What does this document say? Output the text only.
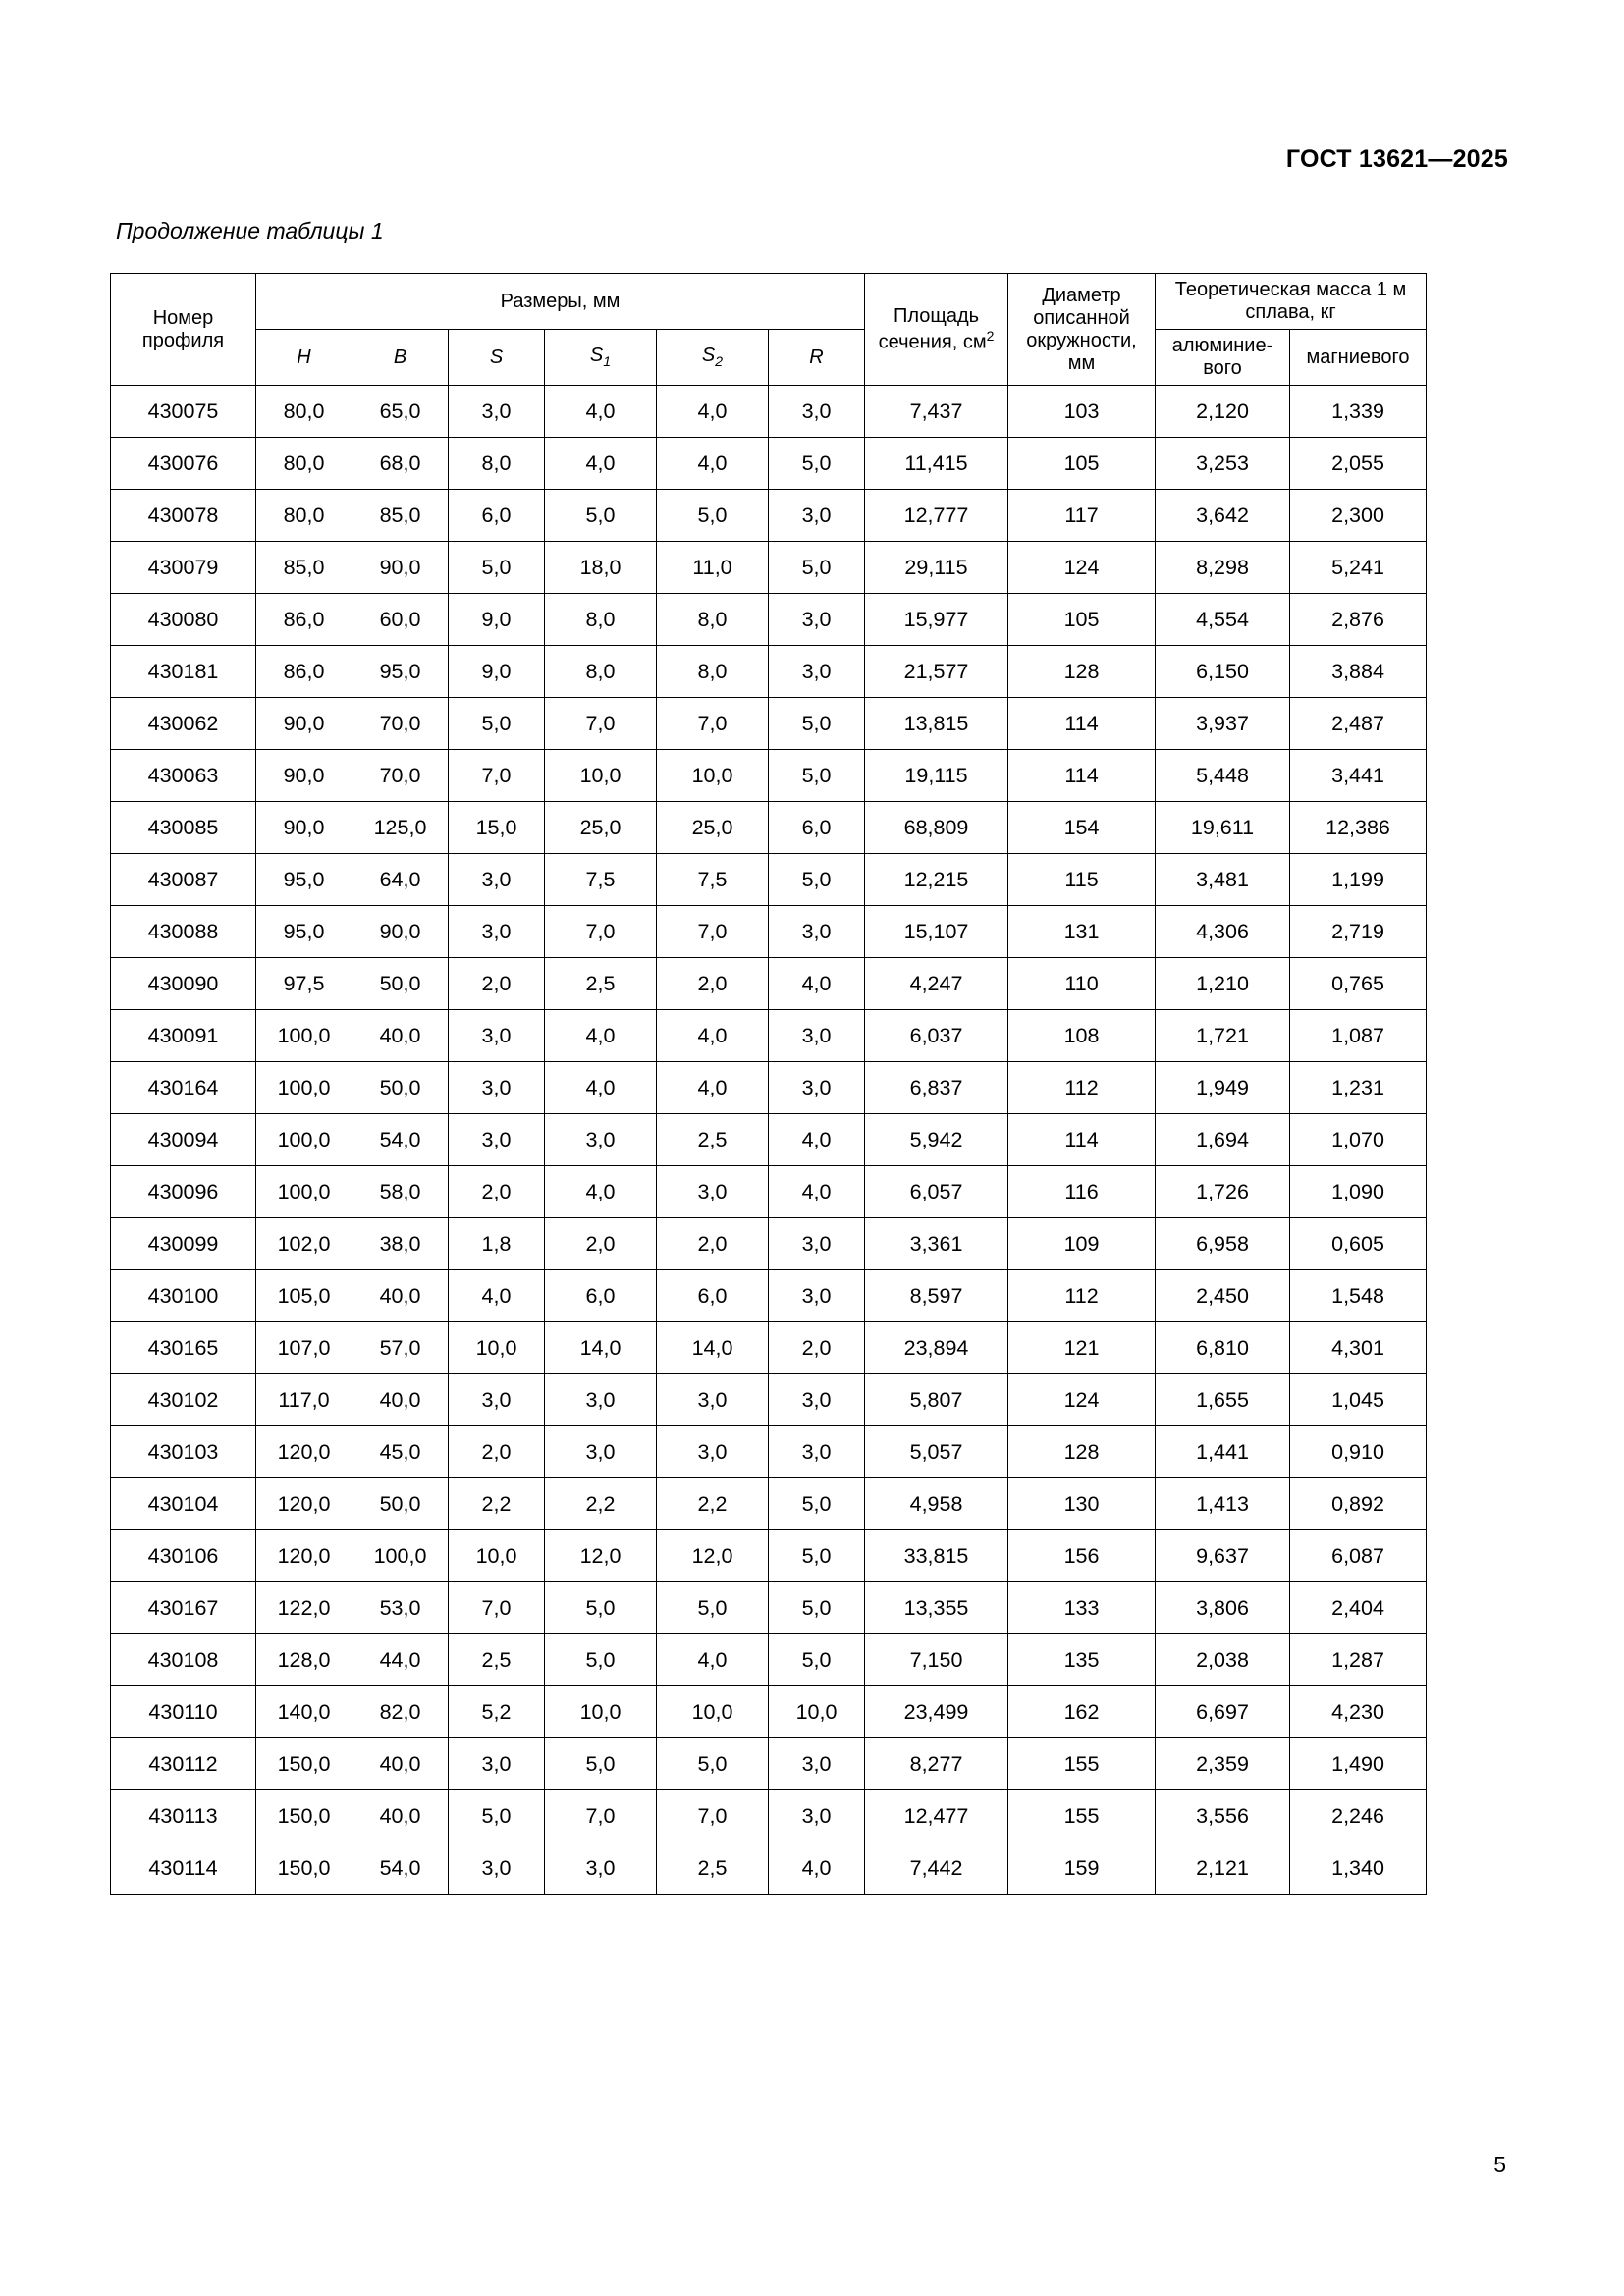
ГОСТ 13621—2025
Продолжение таблицы 1
Номер профиля	Размеры, мм						Площадь сечения, $см^2$	Диаметр описанной окружности, мм	Теоретическая масса 1 м сплава, кг	
	H	B	S	$S_1$	$S_2$	R			алюминие- вого	магниевого
430075	80,0	65,0	3,0	4,0	4,0	3,0	7,437	103	2,120	1,339
430076	80,0	68,0	8,0	4,0	4,0	5,0	11,415	105	3,253	2,055
430078	80,0	85,0	6,0	5,0	5,0	3,0	12,777	117	3,642	2,300
430079	85,0	90,0	5,0	18,0	11,0	5,0	29,115	124	8,298	5,241
430080	86,0	60,0	9,0	8,0	8,0	3,0	15,977	105	4,554	2,876
430181	86,0	95,0	9,0	8,0	8,0	3,0	21,577	128	6,150	3,884
430062	90,0	70,0	5,0	7,0	7,0	5,0	13,815	114	3,937	2,487
430063	90,0	70,0	7,0	10,0	10,0	5,0	19,115	114	5,448	3,441
430085	90,0	125,0	15,0	25,0	25,0	6,0	68,809	154	19,611	12,386
430087	95,0	64,0	3,0	7,5	7,5	5,0	12,215	115	3,481	1,199
430088	95,0	90,0	3,0	7,0	7,0	3,0	15,107	131	4,306	2,719
430090	97,5	50,0	2,0	2,5	2,0	4,0	4,247	110	1,210	0,765
430091	100,0	40,0	3,0	4,0	4,0	3,0	6,037	108	1,721	1,087
430164	100,0	50,0	3,0	4,0	4,0	3,0	6,837	112	1,949	1,231
430094	100,0	54,0	3,0	3,0	2,5	4,0	5,942	114	1,694	1,070
430096	100,0	58,0	2,0	4,0	3,0	4,0	6,057	116	1,726	1,090
430099	102,0	38,0	1,8	2,0	2,0	3,0	3,361	109	6,958	0,605
430100	105,0	40,0	4,0	6,0	6,0	3,0	8,597	112	2,450	1,548
430165	107,0	57,0	10,0	14,0	14,0	2,0	23,894	121	6,810	4,301
430102	117,0	40,0	3,0	3,0	3,0	3,0	5,807	124	1,655	1,045
430103	120,0	45,0	2,0	3,0	3,0	3,0	5,057	128	1,441	0,910
430104	120,0	50,0	2,2	2,2	2,2	5,0	4,958	130	1,413	0,892
430106	120,0	100,0	10,0	12,0	12,0	5,0	33,815	156	9,637	6,087
430167	122,0	53,0	7,0	5,0	5,0	5,0	13,355	133	3,806	2,404
430108	128,0	44,0	2,5	5,0	4,0	5,0	7,150	135	2,038	1,287
430110	140,0	82,0	5,2	10,0	10,0	10,0	23,499	162	6,697	4,230
430112	150,0	40,0	3,0	5,0	5,0	3,0	8,277	155	2,359	1,490
430113	150,0	40,0	5,0	7,0	7,0	3,0	12,477	155	3,556	2,246
430114	150,0	54,0	3,0	3,0	2,5	4,0	7,442	159	2,121	1,340
5
